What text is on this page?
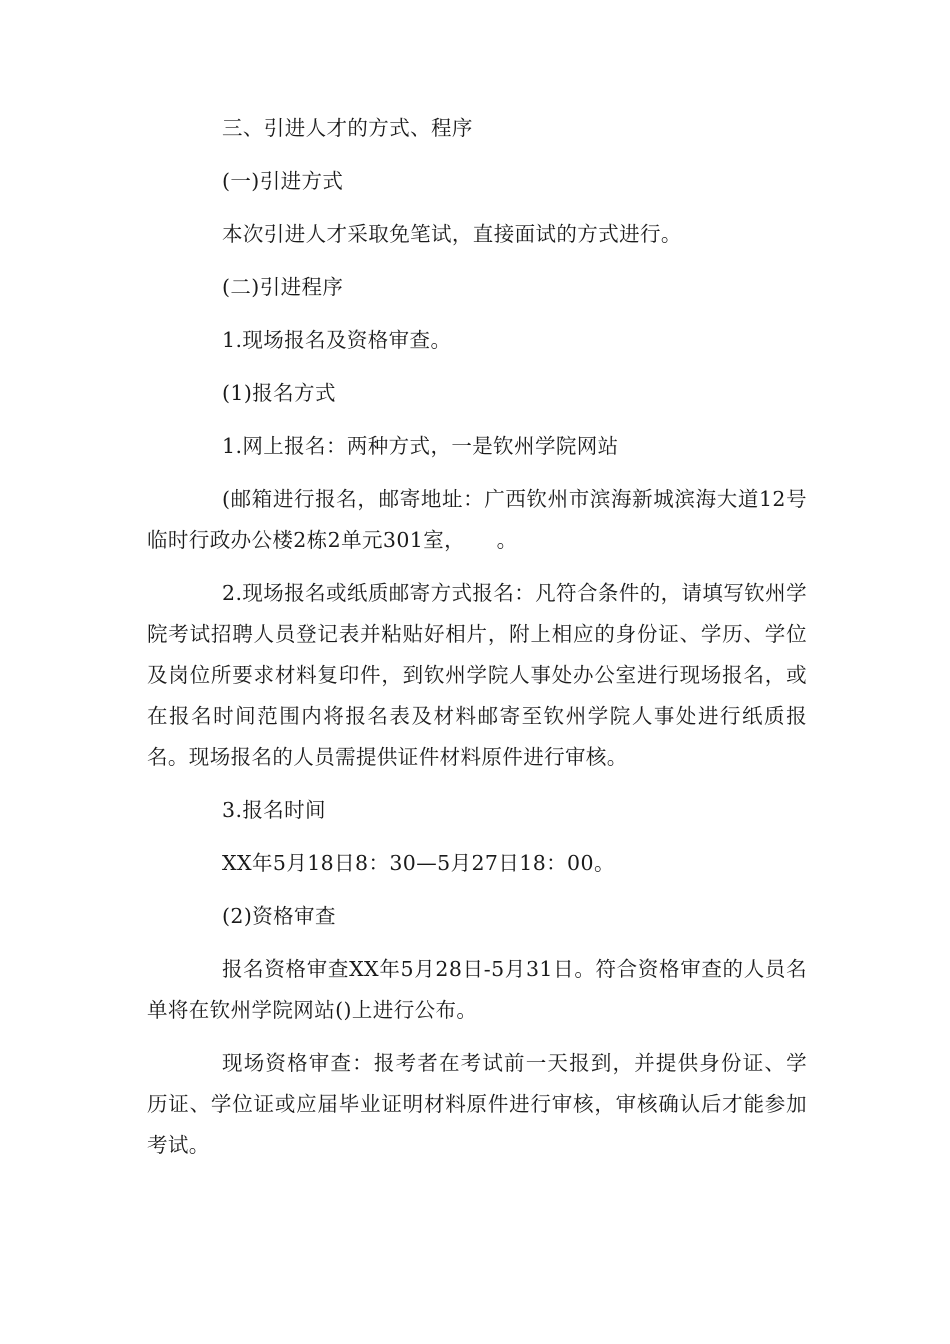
三、引进人才的方式、程序

(一)引进方式

本次引进人才采取免笔试，直接面试的方式进行。

(二)引进程序

1.现场报名及资格审查。

(1)报名方式

1.网上报名：两种方式，一是钦州学院网站

(邮箱进行报名，邮寄地址：广西钦州市滨海新城滨海大道12号临时行政办公楼2栋2单元301室，　　。

2.现场报名或纸质邮寄方式报名：凡符合条件的，请填写钦州学院考试招聘人员登记表并粘贴好相片，附上相应的身份证、学历、学位及岗位所要求材料复印件，到钦州学院人事处办公室进行现场报名，或在报名时间范围内将报名表及材料邮寄至钦州学院人事处进行纸质报名。现场报名的人员需提供证件材料原件进行审核。

3.报名时间

XX年5月18日8：30—5月27日18：00。

(2)资格审查

报名资格审查XX年5月28日-5月31日。符合资格审查的人员名单将在钦州学院网站()上进行公布。

现场资格审查：报考者在考试前一天报到，并提供身份证、学历证、学位证或应届毕业证明材料原件进行审核，审核确认后才能参加考试。
